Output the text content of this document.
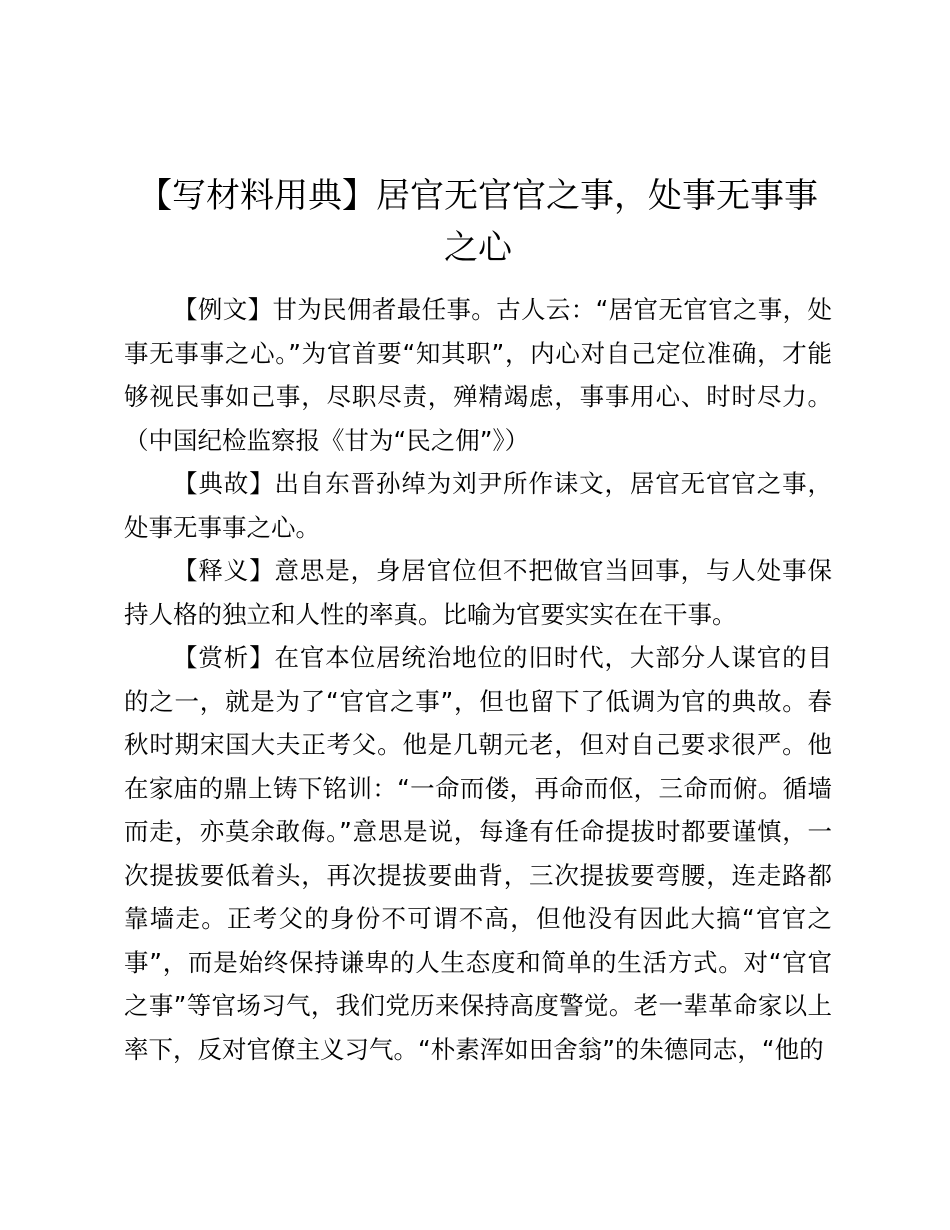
【写材料用典】居官无官官之事，处事无事事之心

【例文】甘为民佣者最任事。古人云：“居官无官官之事，处事无事事之心。”为官首要“知其职”，内心对自己定位准确，才能够视民事如己事，尽职尽责，殚精竭虑，事事用心、时时尽力。（中国纪检监察报《甘为“民之佣”》）

【典故】出自东晋孙绰为刘尹所作诔文，居官无官官之事，处事无事事之心。

【释义】意思是，身居官位但不把做官当回事，与人处事保持人格的独立和人性的率真。比喻为官要实实在在干事。

【赏析】在官本位居统治地位的旧时代，大部分人谋官的目的之一，就是为了“官官之事”，但也留下了低调为官的典故。春秋时期宋国大夫正考父。他是几朝元老，但对自己要求很严。他在家庙的鼎上铸下铭训：“一命而偻，再命而伛，三命而俯。循墙而走，亦莫余敢侮。”意思是说，每逢有任命提拔时都要谨慎，一次提拔要低着头，再次提拔要曲背，三次提拔要弯腰，连走路都靠墙走。正考父的身份不可谓不高，但他没有因此大搞“官官之事”，而是始终保持谦卑的人生态度和简单的生活方式。对“官官之事”等官场习气，我们党历来保持高度警觉。老一辈革命家以上率下，反对官僚主义习气。“朴素浑如田舍翁”的朱德同志，“他的
